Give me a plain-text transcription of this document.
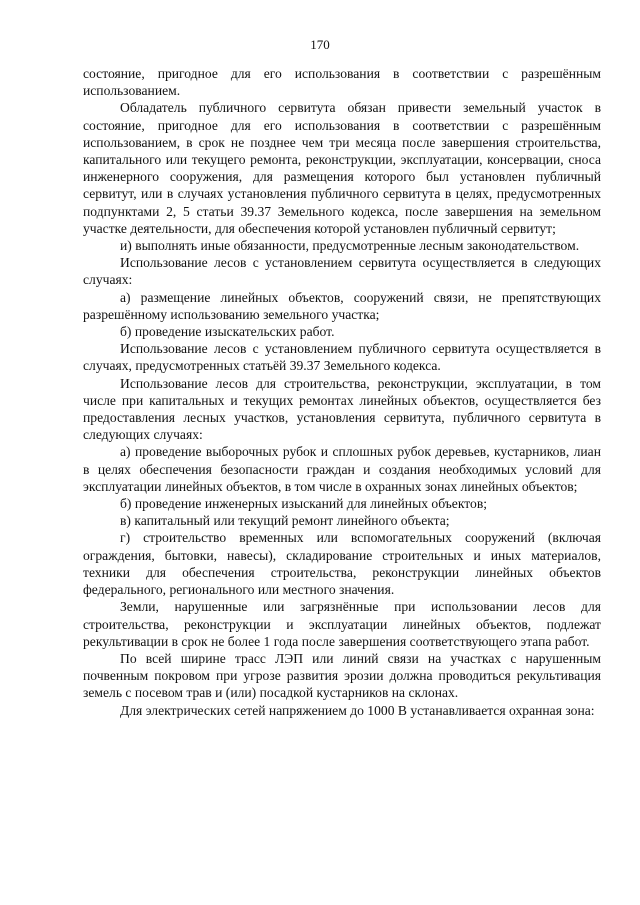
170

состояние, пригодное для его использования в соответствии с разрешённым использованием.

Обладатель публичного сервитута обязан привести земельный участок в состояние, пригодное для его использования в соответствии с разрешённым использованием, в срок не позднее чем три месяца после завершения строительства, капитального или текущего ремонта, реконструкции, эксплуатации, консервации, сноса инженерного сооружения, для размещения которого был установлен публичный сервитут, или в случаях установления публичного сервитута в целях, предусмотренных подпунктами 2, 5 статьи 39.37 Земельного кодекса, после завершения на земельном участке деятельности, для обеспечения которой установлен публичный сервитут;

и) выполнять иные обязанности, предусмотренные лесным законодательством.

Использование лесов с установлением сервитута осуществляется в следующих случаях:

а) размещение линейных объектов, сооружений связи, не препятствующих разрешённому использованию земельного участка;

б) проведение изыскательских работ.

Использование лесов с установлением публичного сервитута осуществляется в случаях, предусмотренных статьёй 39.37 Земельного кодекса.

Использование лесов для строительства, реконструкции, эксплуатации, в том числе при капитальных и текущих ремонтах линейных объектов, осуществляется без предоставления лесных участков, установления сервитута, публичного сервитута в следующих случаях:

а) проведение выборочных рубок и сплошных рубок деревьев, кустарников, лиан в целях обеспечения безопасности граждан и создания необходимых условий для эксплуатации линейных объектов, в том числе в охранных зонах линейных объектов;

б) проведение инженерных изысканий для линейных объектов;

в) капитальный или текущий ремонт линейного объекта;

г) строительство временных или вспомогательных сооружений (включая ограждения, бытовки, навесы), складирование строительных и иных материалов, техники для обеспечения строительства, реконструкции линейных объектов федерального, регионального или местного значения.

Земли, нарушенные или загрязнённые при использовании лесов для строительства, реконструкции и эксплуатации линейных объектов, подлежат рекультивации в срок не более 1 года после завершения соответствующего этапа работ.

По всей ширине трасс ЛЭП или линий связи на участках с нарушенным почвенным покровом при угрозе развития эрозии должна проводиться рекультивация земель с посевом трав и (или) посадкой кустарников на склонах.

Для электрических сетей напряжением до 1000 В устанавливается охранная зона:
